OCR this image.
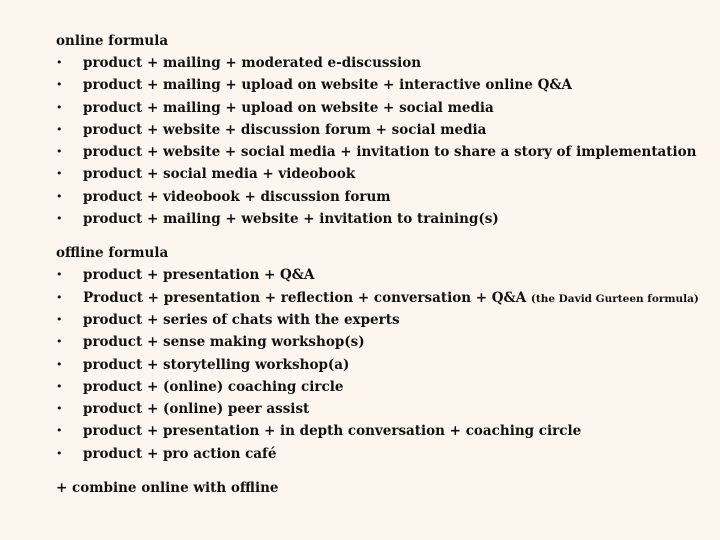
online formula
• product + mailing + moderated e-discussion
• product + mailing + upload on website + interactive online Q&A
• product + mailing + upload on website + social media
• product + website + discussion forum + social media
• product + website + social media + invitation to share a story of implementation
• product + social media + videobook
• product + videobook + discussion forum
• product + mailing + website + invitation to training(s)
offline formula
• product + presentation + Q&A
• Product + presentation + reflection + conversation + Q&A (the David Gurteen formula)
• product + series of chats with the experts
• product + sense making workshop(s)
• product + storytelling workshop(a)
• product + (online) coaching circle
• product + (online) peer assist
• product + presentation + in depth conversation + coaching circle
• product + pro action café
+ combine online with offline
